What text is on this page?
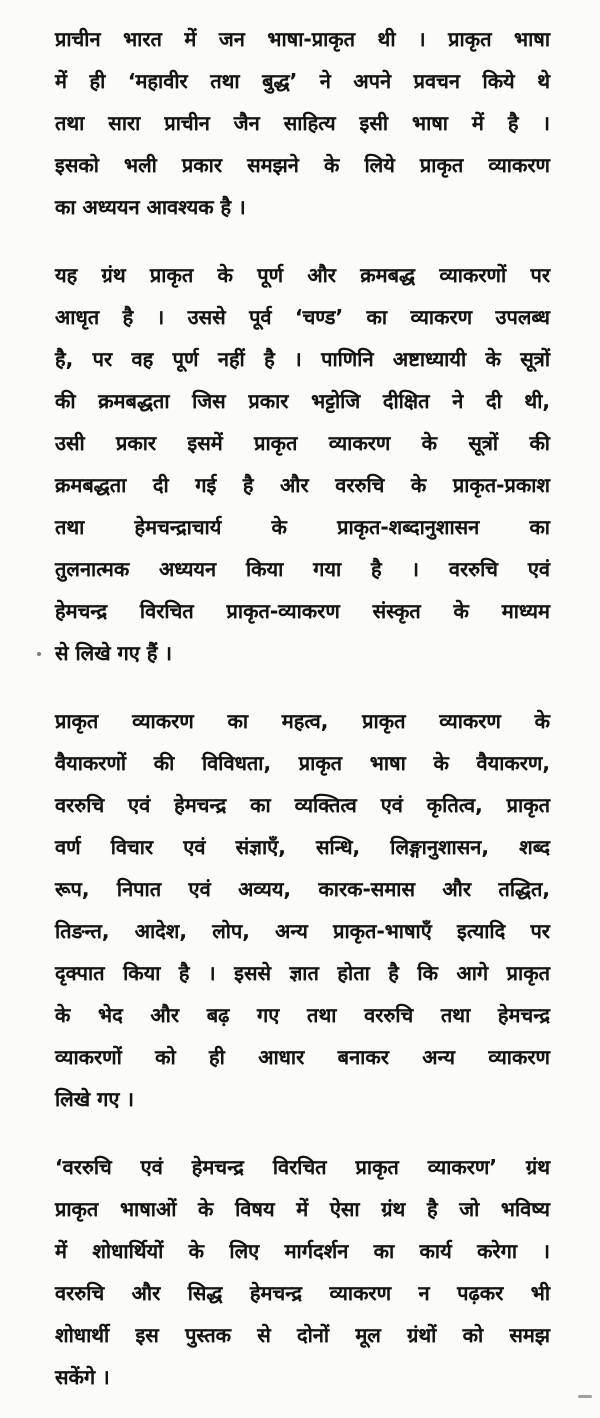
प्राचीन भारत में जन भाषा-प्राकृत थी । प्राकृत भाषा
में ही ‘महावीर तथा बुद्ध’ ने अपने प्रवचन किये थे
तथा सारा प्राचीन जैन साहित्य इसी भाषा में है ।
इसको भली प्रकार समझने के लिये प्राकृत व्याकरण
का अध्ययन आवश्यक है ।

यह ग्रंथ प्राकृत के पूर्ण और क्रमबद्ध व्याकरणों पर
आधृत है । उससे पूर्व ‘चण्ड’ का व्याकरण उपलब्ध
है, पर वह पूर्ण नहीं है । पाणिनि अष्टाध्यायी के सूत्रों
की क्रमबद्धता जिस प्रकार भट्टोजि दीक्षित ने दी थी,
उसी प्रकार इसमें प्राकृत व्याकरण के सूत्रों की
क्रमबद्धता दी गई है और वररुचि के प्राकृत-प्रकाश
तथा हेमचन्द्राचार्य के प्राकृत-शब्दानुशासन का
तुलनात्मक अध्ययन किया गया है । वररुचि एवं
हेमचन्द्र विरचित प्राकृत-व्याकरण संस्कृत के माध्यम
से लिखे गए हैं ।

प्राकृत व्याकरण का महत्व, प्राकृत व्याकरण के
वैयाकरणों की विविधता, प्राकृत भाषा के वैयाकरण,
वररुचि एवं हेमचन्द्र का व्यक्तित्व एवं कृतित्व, प्राकृत
वर्ण विचार एवं संज्ञाएँ, सन्धि, लिङ्गानुशासन, शब्द
रूप, निपात एवं अव्यय, कारक-समास और तद्धित,
तिङन्त, आदेश, लोप, अन्य प्राकृत-भाषाएँ इत्यादि पर
दृक्पात किया है । इससे ज्ञात होता है कि आगे प्राकृत
के भेद और बढ़ गए तथा वररुचि तथा हेमचन्द्र
व्याकरणों को ही आधार बनाकर अन्य व्याकरण
लिखे गए ।

‘वररुचि एवं हेमचन्द्र विरचित प्राकृत व्याकरण’ ग्रंथ
प्राकृत भाषाओं के विषय में ऐसा ग्रंथ है जो भविष्य
में शोधार्थियों के लिए मार्गदर्शन का कार्य करेगा ।
वररुचि और सिद्ध हेमचन्द्र व्याकरण न पढ़कर भी
शोधार्थी इस पुस्तक से दोनों मूल ग्रंथों को समझ
सकेंगे ।
